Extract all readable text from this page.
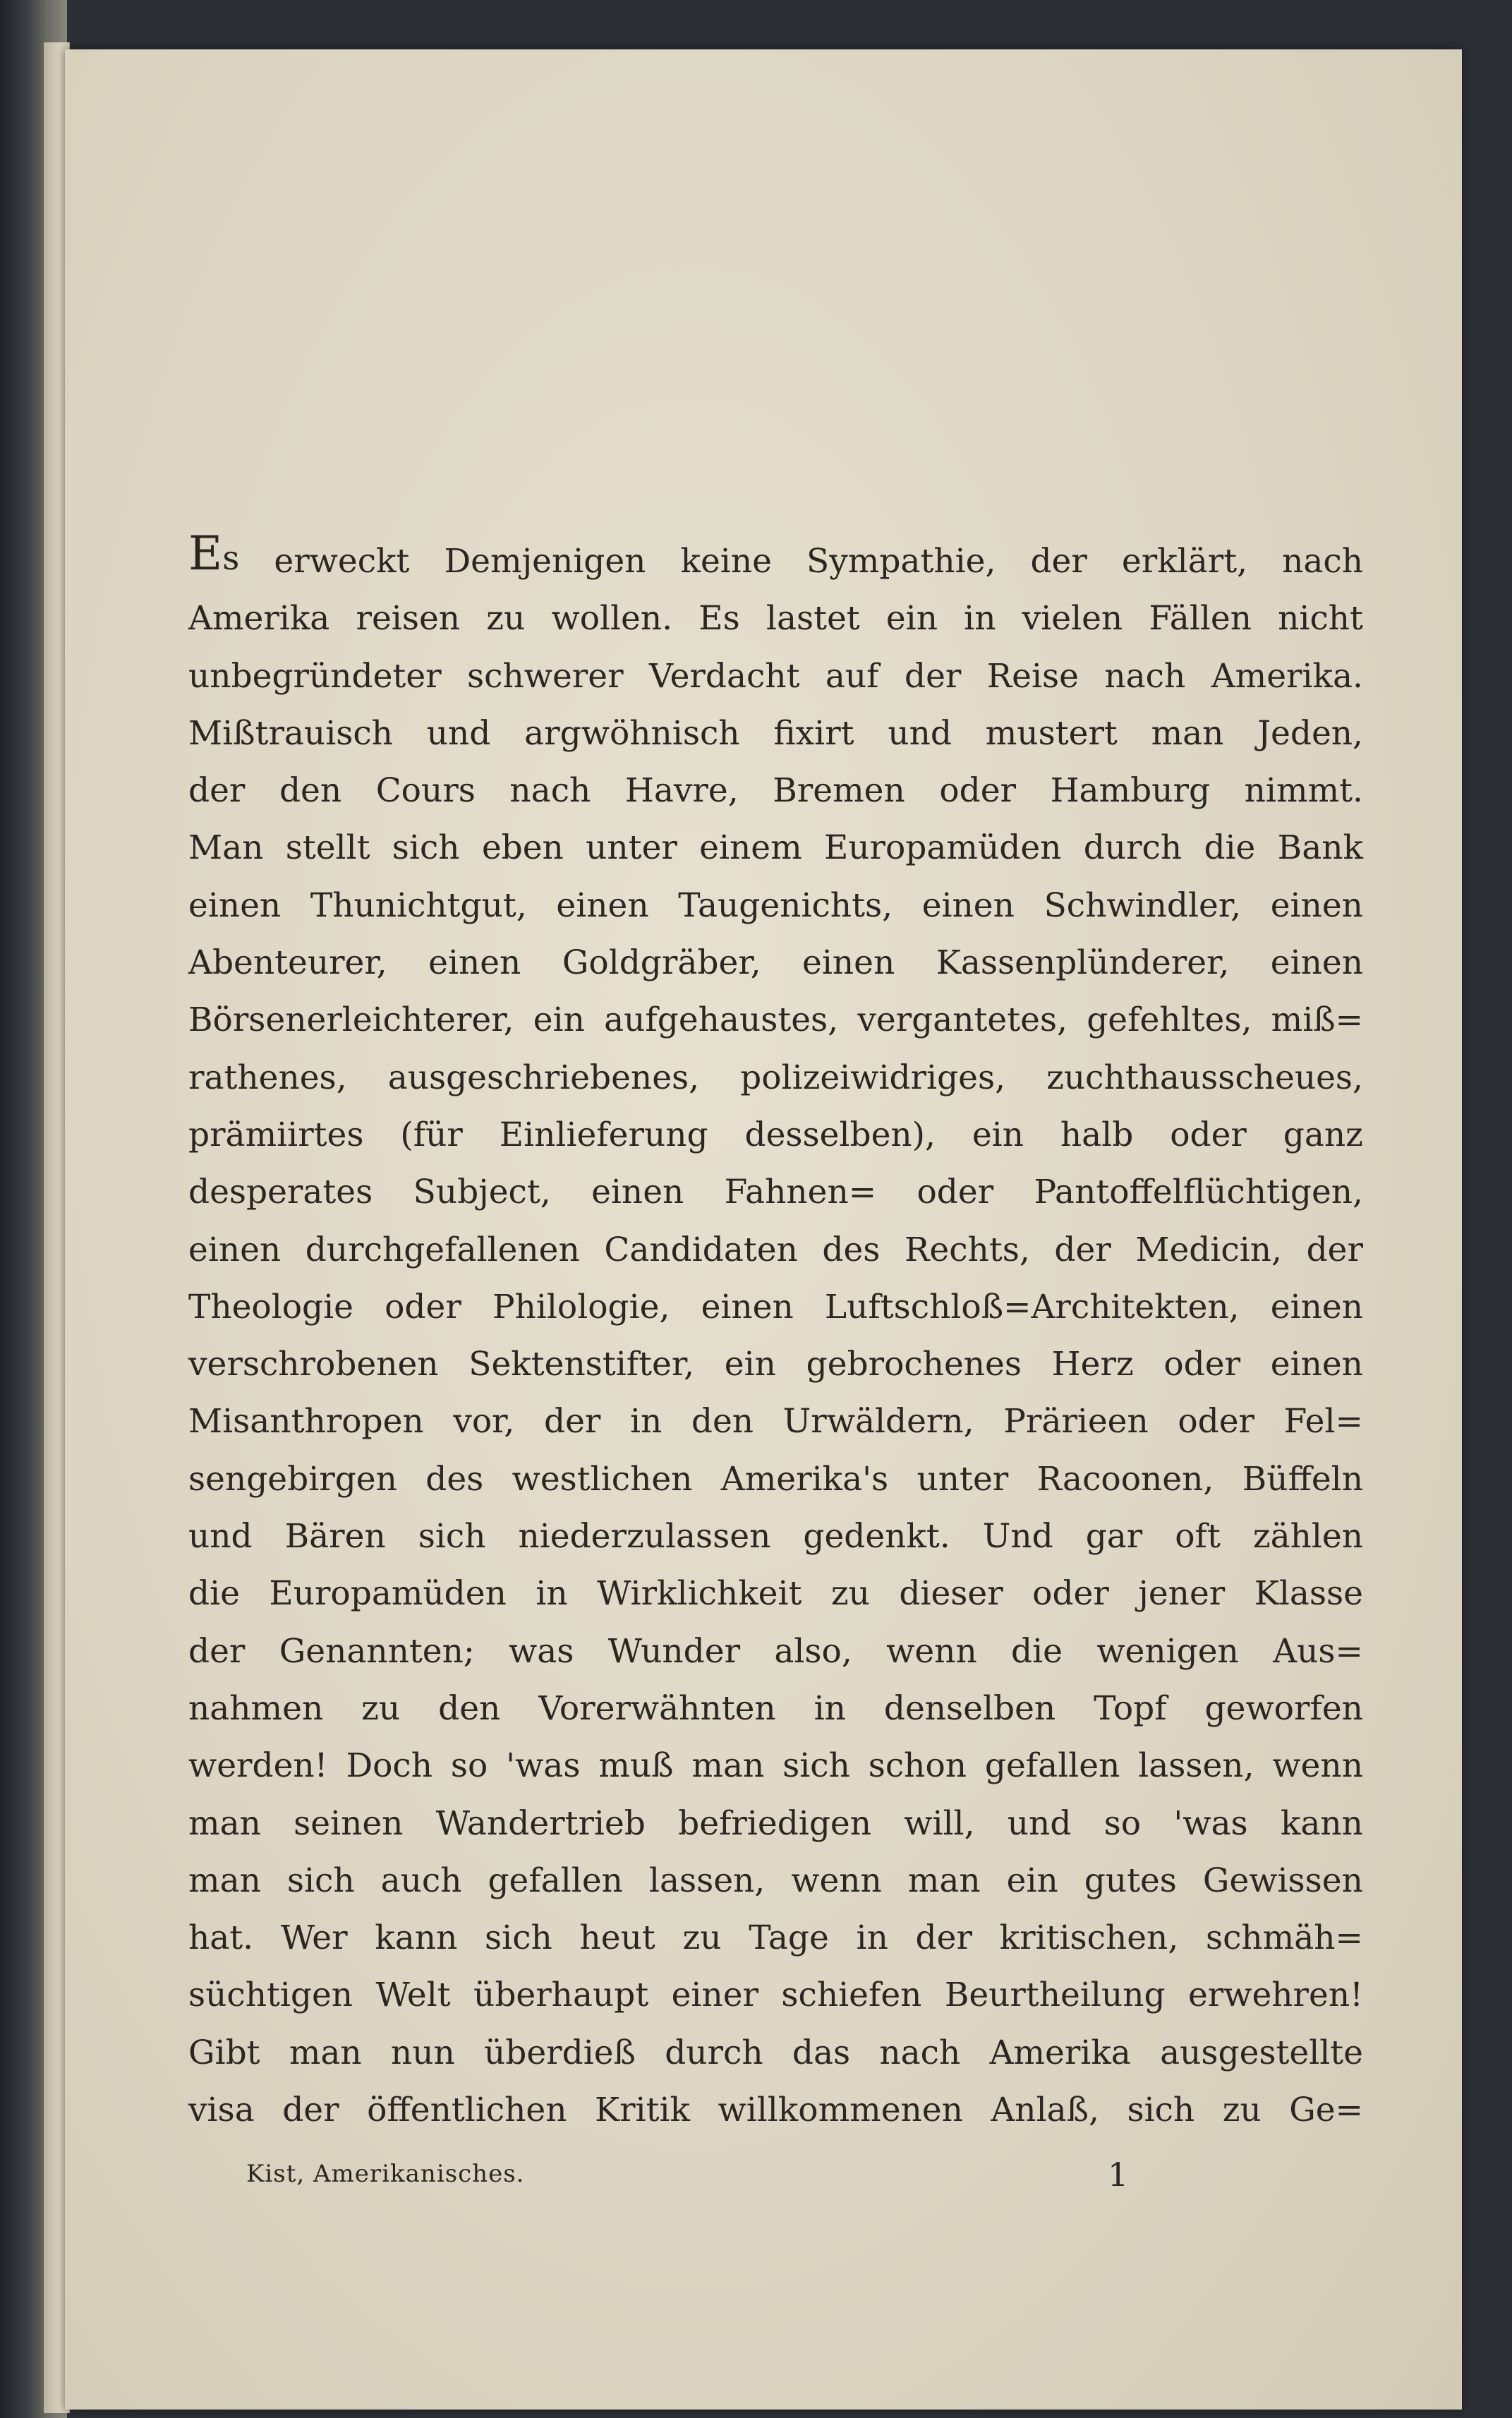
Es erweckt Demjenigen keine Sympathie, der erklärt, nach
Amerika reisen zu wollen. Es lastet ein in vielen Fällen nicht
unbegründeter schwerer Verdacht auf der Reise nach Amerika.
Mißtrauisch und argwöhnisch fixirt und mustert man Jeden,
der den Cours nach Havre, Bremen oder Hamburg nimmt.
Man stellt sich eben unter einem Europamüden durch die Bank
einen Thunichtgut, einen Taugenichts, einen Schwindler, einen
Abenteurer, einen Goldgräber, einen Kassenplünderer, einen
Börsenerleichterer, ein aufgehaustes, vergantetes, gefehltes, miß=
rathenes, ausgeschriebenes, polizeiwidriges, zuchthausscheues,
prämiirtes (für Einlieferung desselben), ein halb oder ganz
desperates Subject, einen Fahnen= oder Pantoffelflüchtigen,
einen durchgefallenen Candidaten des Rechts, der Medicin, der
Theologie oder Philologie, einen Luftschloß=Architekten, einen
verschrobenen Sektenstifter, ein gebrochenes Herz oder einen
Misanthropen vor, der in den Urwäldern, Prärieen oder Fel=
sengebirgen des westlichen Amerika's unter Racoonen, Büffeln
und Bären sich niederzulassen gedenkt. Und gar oft zählen
die Europamüden in Wirklichkeit zu dieser oder jener Klasse
der Genannten; was Wunder also, wenn die wenigen Aus=
nahmen zu den Vorerwähnten in denselben Topf geworfen
werden! Doch so 'was muß man sich schon gefallen lassen, wenn
man seinen Wandertrieb befriedigen will, und so 'was kann
man sich auch gefallen lassen, wenn man ein gutes Gewissen
hat. Wer kann sich heut zu Tage in der kritischen, schmäh=
süchtigen Welt überhaupt einer schiefen Beurtheilung erwehren!
Gibt man nun überdieß durch das nach Amerika ausgestellte
visa der öffentlichen Kritik willkommenen Anlaß, sich zu Ge=
Kist, Amerikanisches.	1
